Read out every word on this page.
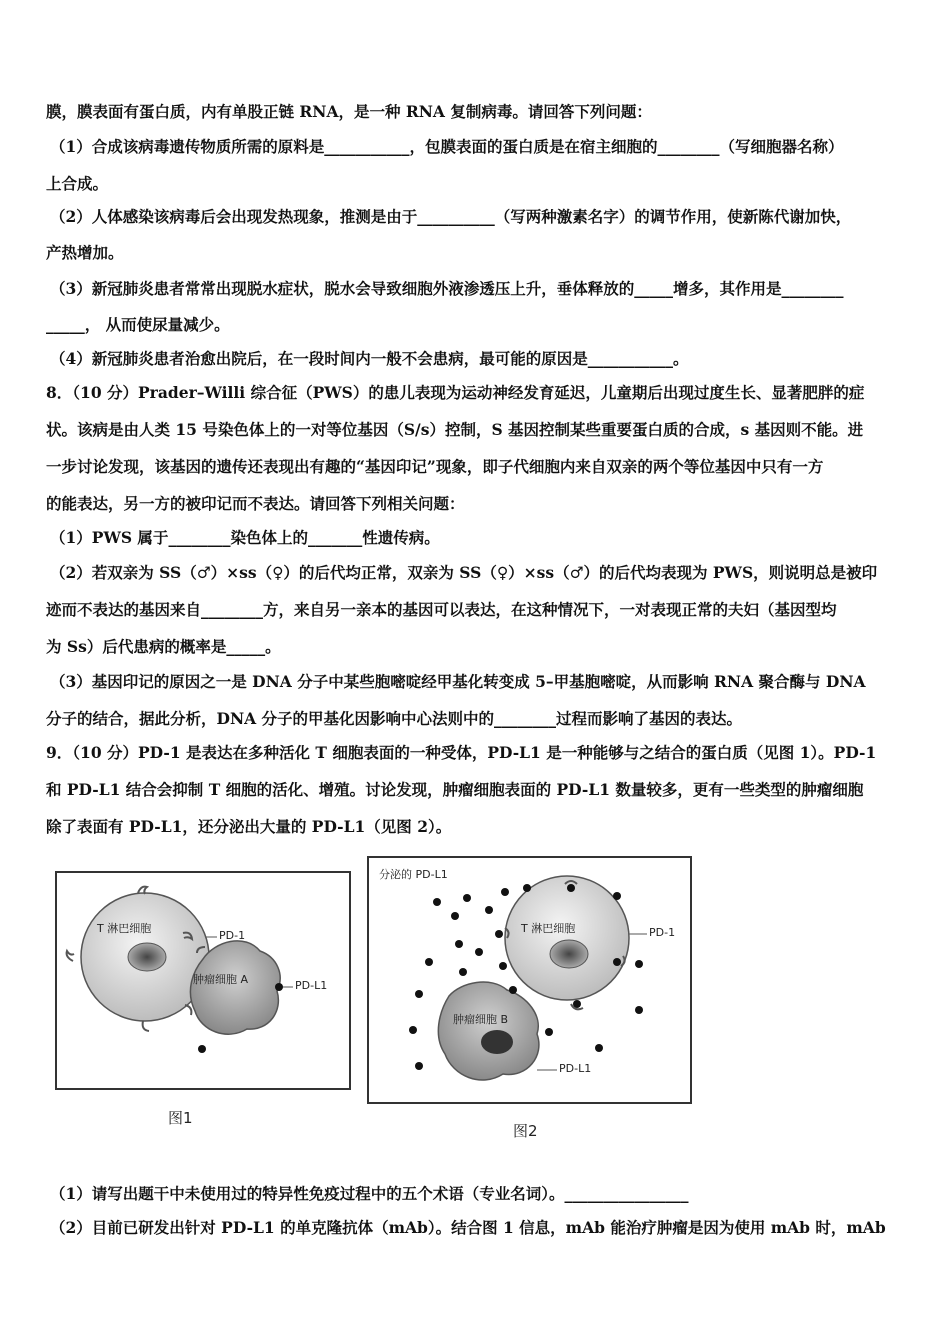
膜，膜表面有蛋白质，内有单股正链 RNA，是一种 RNA 复制病毒。请回答下列问题：
（1）合成该病毒遗传物质所需的原料是___________，包膜表面的蛋白质是在宿主细胞的________（写细胞器名称）
上合成。
（2）人体感染该病毒后会出现发热现象，推测是由于__________（写两种激素名字）的调节作用，使新陈代谢加快，
产热增加。
（3）新冠肺炎患者常常出现脱水症状，脱水会导致细胞外液渗透压上升，垂体释放的_____增多，其作用是________
_____， 从而使尿量减少。
（4）新冠肺炎患者治愈出院后，在一段时间内一般不会患病，最可能的原因是___________。
8．（10 分）Prader–Willi 综合征（PWS）的患儿表现为运动神经发育延迟，儿童期后出现过度生长、显著肥胖的症
状。该病是由人类 15 号染色体上的一对等位基因（S/s）控制，S 基因控制某些重要蛋白质的合成，s 基因则不能。进
一步讨论发现，该基因的遗传还表现出有趣的“基因印记”现象，即子代细胞内来自双亲的两个等位基因中只有一方
的能表达，另一方的被印记而不表达。请回答下列相关问题：
（1）PWS 属于________染色体上的_______性遗传病。
（2）若双亲为 SS（♂）×ss（♀）的后代均正常，双亲为 SS（♀）×ss（♂）的后代均表现为 PWS，则说明总是被印
迹而不表达的基因来自________方，来自另一亲本的基因可以表达，在这种情况下，一对表现正常的夫妇（基因型均
为 Ss）后代患病的概率是_____。
（3）基因印记的原因之一是 DNA 分子中某些胞嘧啶经甲基化转变成 5–甲基胞嘧啶，从而影响 RNA 聚合酶与 DNA
分子的结合，据此分析，DNA 分子的甲基化因影响中心法则中的________过程而影响了基因的表达。
9．（10 分）PD-1 是表达在多种活化 T 细胞表面的一种受体，PD-L1 是一种能够与之结合的蛋白质（见图 1）。PD-1
和 PD-L1 结合会抑制 T 细胞的活化、增殖。讨论发现，肿瘤细胞表面的 PD-L1 数量较多，更有一些类型的肿瘤细胞
除了表面有 PD-L1，还分泌出大量的 PD-L1（见图 2）。
T 淋巴细胞
肿瘤细胞 A
PD-1
PD-L1
图1
分泌的 PD-L1
T 淋巴细胞
肿瘤细胞 B
PD-1
PD-L1
图2
（1）请写出题干中未使用过的特异性免疫过程中的五个术语（专业名词）。________________
（2）目前已研发出针对 PD-L1 的单克隆抗体（mAb）。结合图 1 信息，mAb 能治疗肿瘤是因为使用 mAb 时，mAb
